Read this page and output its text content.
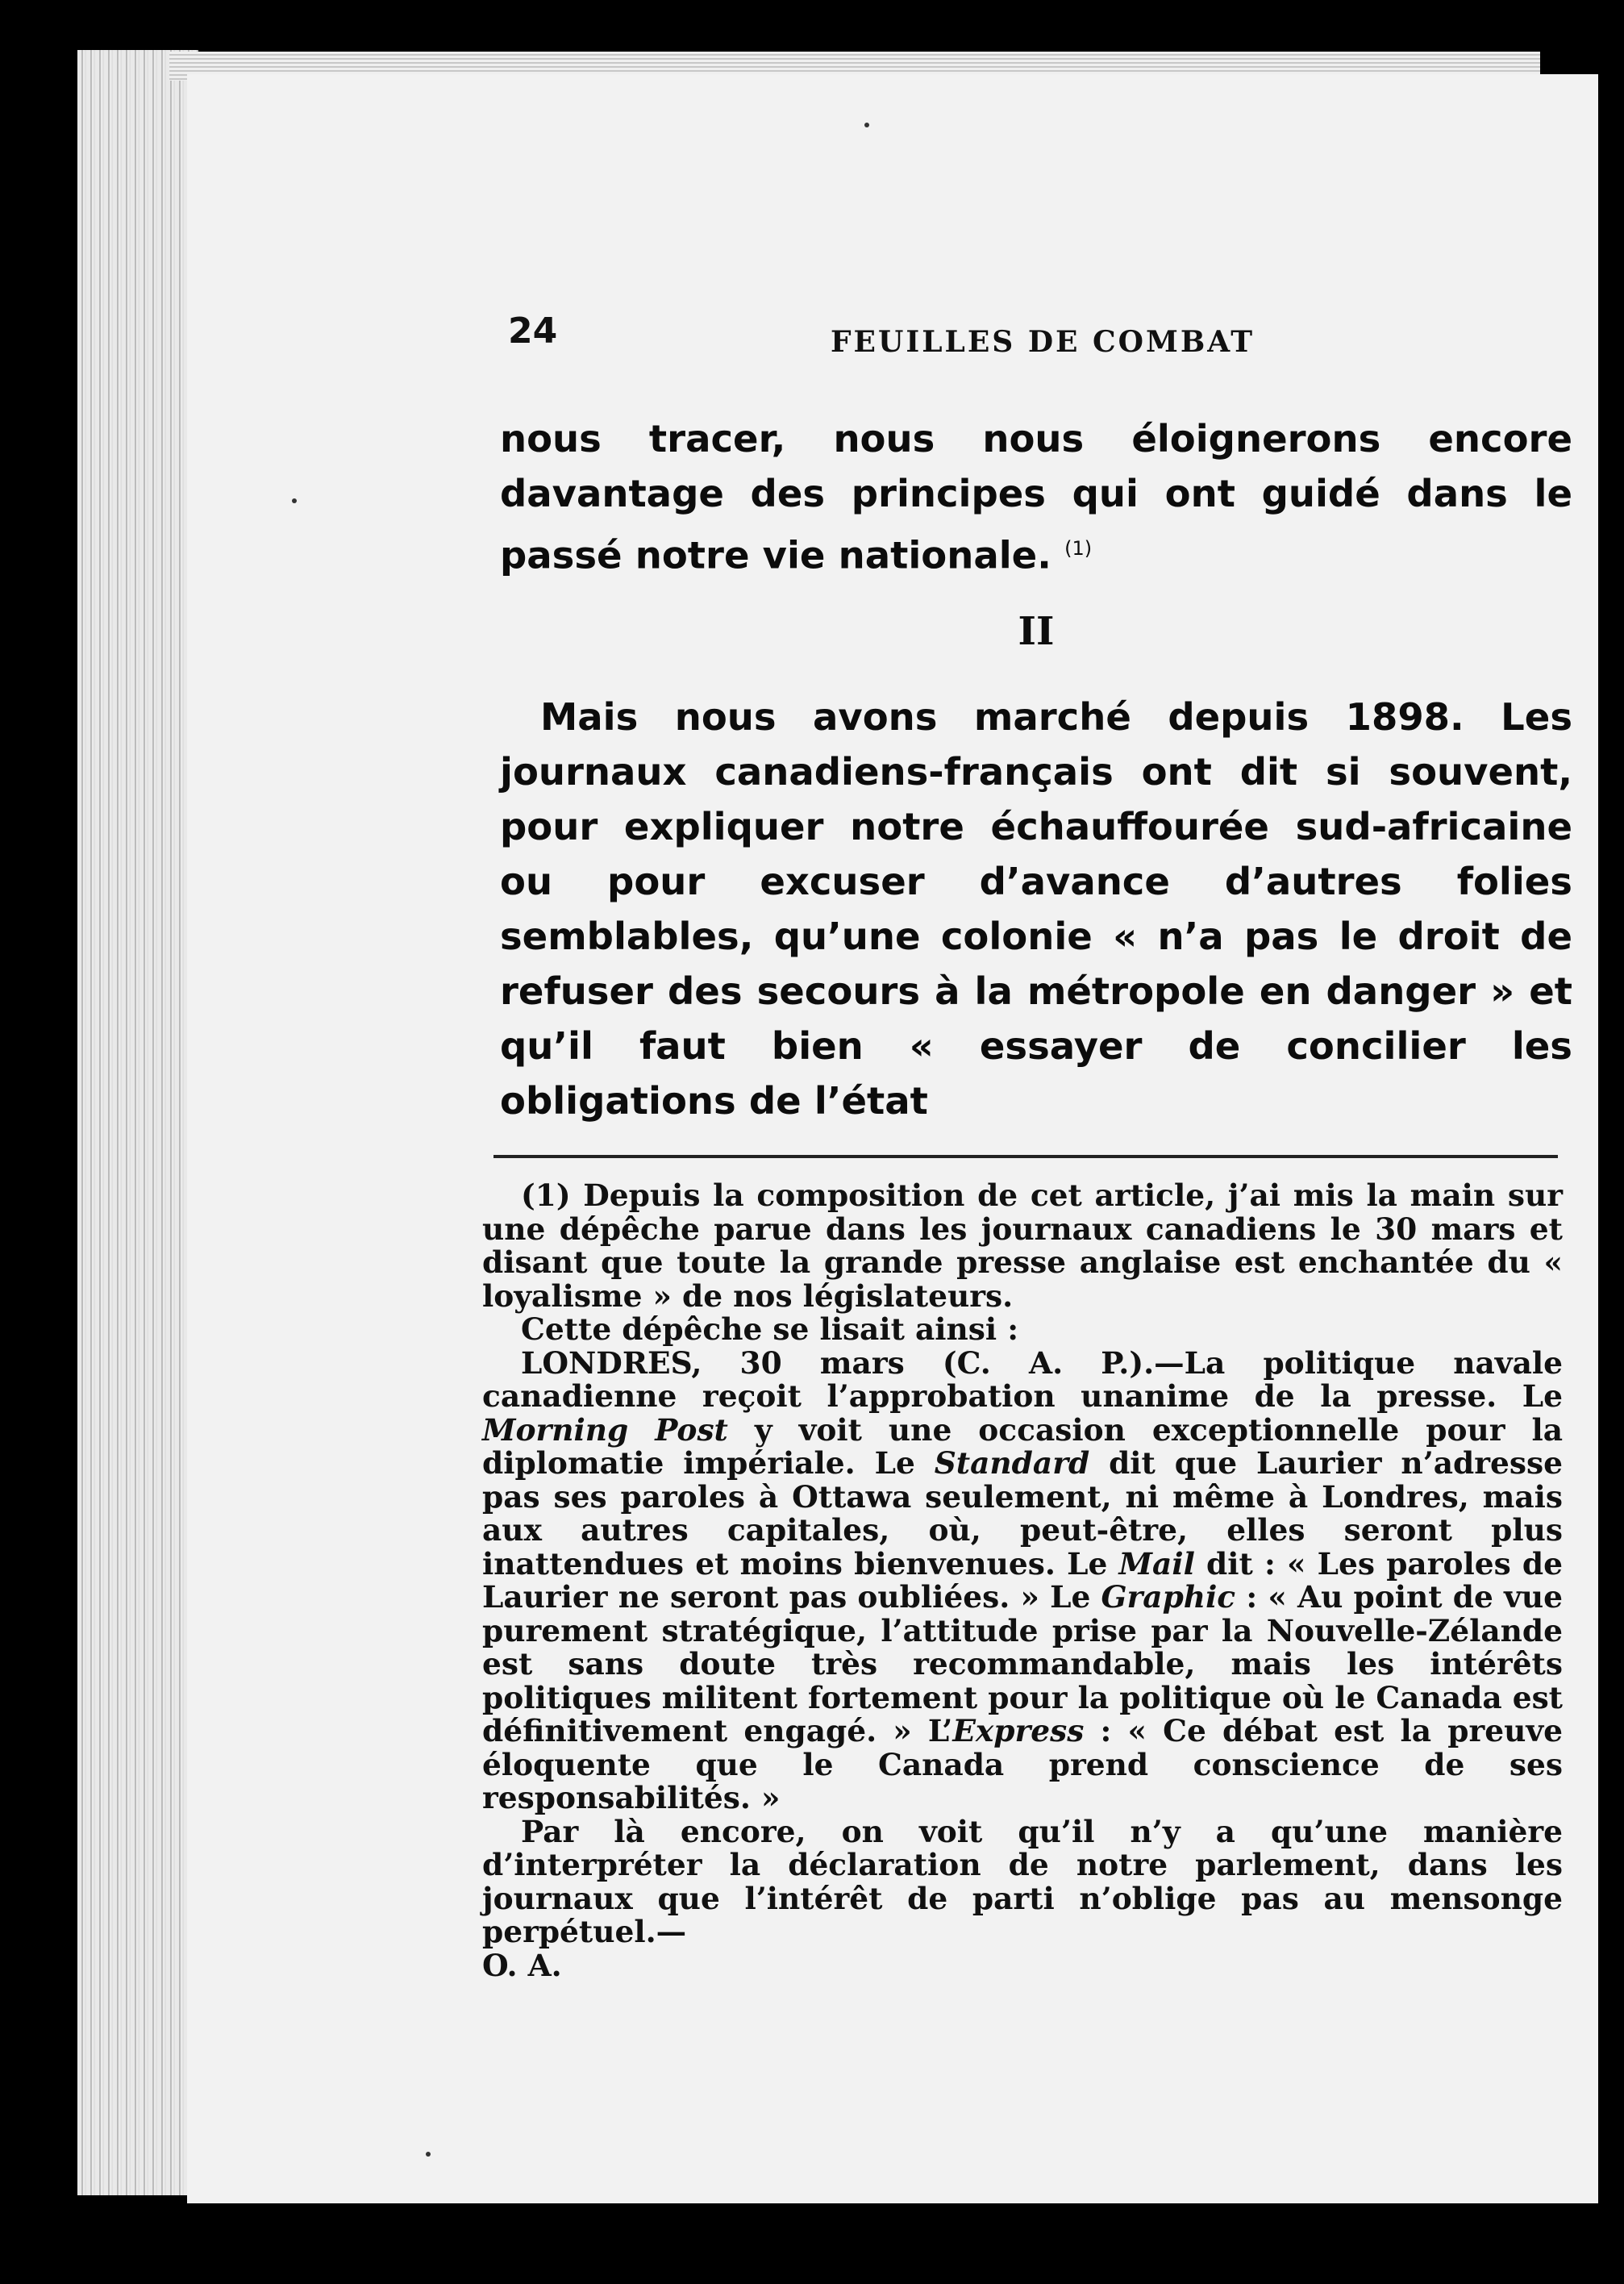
24	FEUILLES DE COMBAT

nous tracer, nous nous éloignerons encore davantage des principes qui ont guidé dans le passé notre vie nationale. $^{(1)}$

II

Mais nous avons marché depuis 1898. Les journaux canadiens-français ont dit si souvent, pour expliquer notre échauffourée sud-africaine ou pour excuser d’avance d’autres folies semblables, qu’une colonie « n’a pas le droit de refuser des secours à la métropole en danger » et qu’il faut bien « essayer de concilier les obligations de l’état

(1) Depuis la composition de cet article, j’ai mis la main sur une dépêche parue dans les journaux canadiens le 30 mars et disant que toute la grande presse anglaise est enchantée du « loyalisme » de nos législateurs.

Cette dépêche se lisait ainsi :

LONDRES, 30 mars (C. A. P.).—La politique navale canadienne reçoit l’approbation unanime de la presse. Le Morning Post y voit une occasion exceptionnelle pour la diplomatie impériale. Le Standard dit que Laurier n’adresse pas ses paroles à Ottawa seulement, ni même à Londres, mais aux autres capitales, où, peut-être, elles seront plus inattendues et moins bienvenues. Le Mail dit : « Les paroles de Laurier ne seront pas oubliées. » Le Graphic : « Au point de vue purement stratégique, l’attitude prise par la Nouvelle-Zélande est sans doute très recommandable, mais les intérêts politiques militent fortement pour la politique où le Canada est définitivement engagé. » L’Express : « Ce débat est la preuve éloquente que le Canada prend conscience de ses responsabilités. »

Par là encore, on voit qu’il n’y a qu’une manière d’interpréter la déclaration de notre parlement, dans les journaux que l’intérêt de parti n’oblige pas au mensonge perpétuel.—

O. A.
